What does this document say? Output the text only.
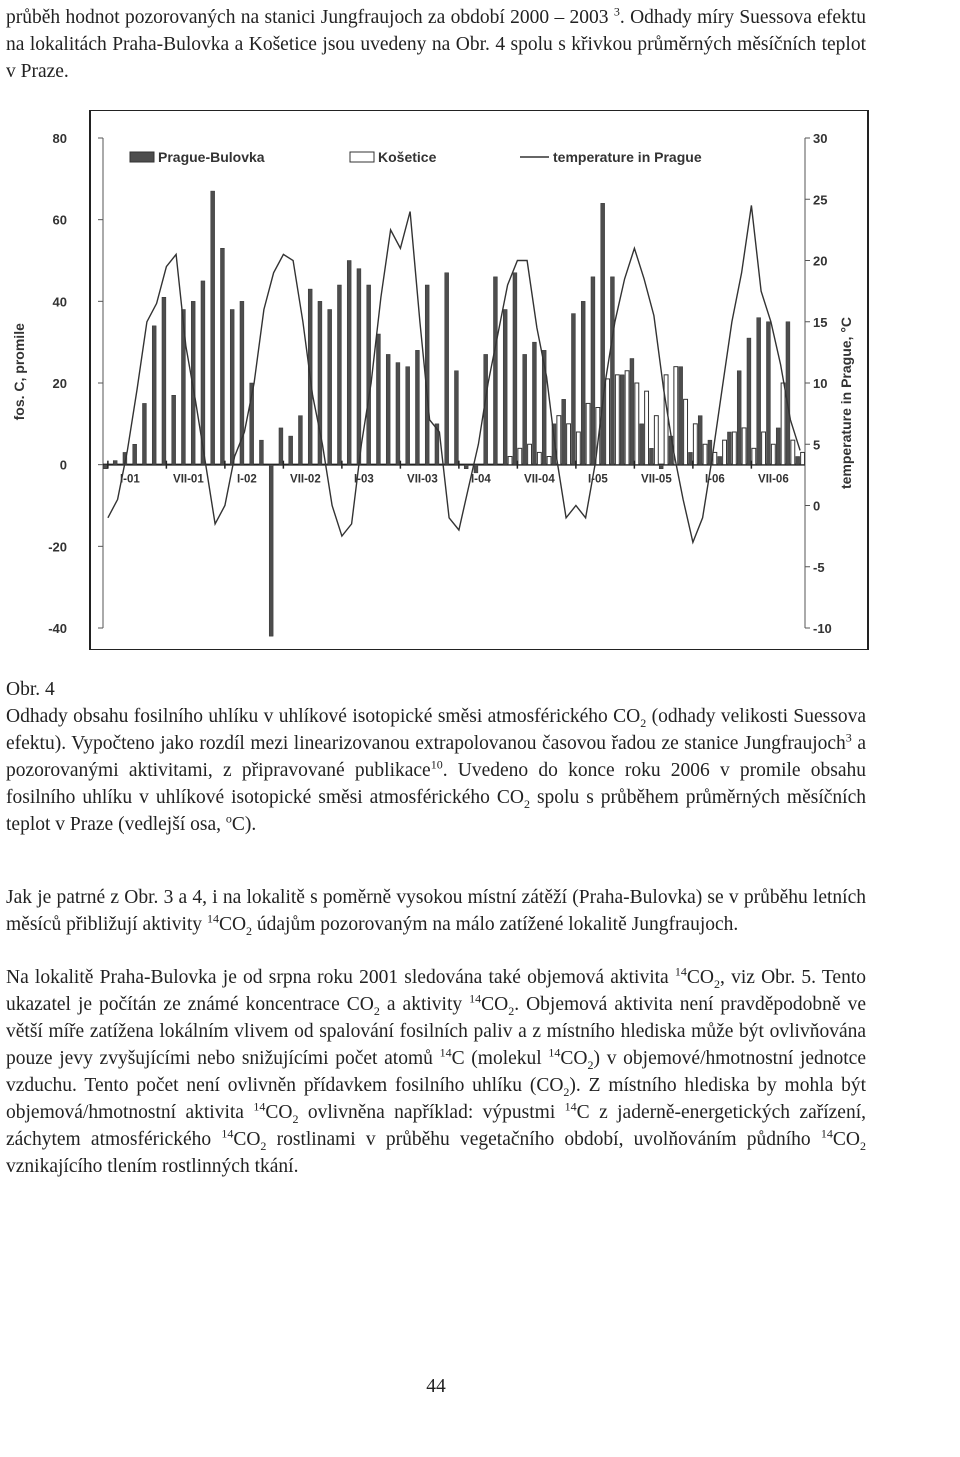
průběh hodnot pozorovaných na stanici Jungfraujoch za období 2000 – 2003 $^3$. Odhady míry Suessova efektu na lokalitách Praha-Bulovka a Košetice jsou uvedeny na Obr. 4 spolu s křivkou průměrných měsíčních teplot v Praze.
-40
-20
0
20
40
60
80
fos. C, promile
-10
-5
0
5
10
15
20
25
30
temperature in Prague, °C
I-01	VII-01	I-02	VII-02	I-03	VII-03	I-04	VII-04	I-05	VII-05	I-06	VII-06
Prague-Bulovka	Košetice	temperature in Prague
Obr. 4
Odhady obsahu fosilního uhlíku v uhlíkové isotopické směsi atmosférického $CO_2$ (odhady velikosti Suessova efektu). Vypočteno jako rozdíl mezi linearizovanou extrapolovanou časovou řadou ze stanice Jungfraujoch$^3$ a pozorovanými aktivitami, z připravované publikace$^{10}$. Uvedeno do konce roku 2006 v promile obsahu fosilního uhlíku v uhlíkové isotopické směsi atmosférického $CO_2$ spolu s průběhem průměrných měsíčních teplot v Praze (vedlejší osa, $^o$C).
Jak je patrné z Obr. 3 a 4, i na lokalitě s poměrně vysokou místní zátěží (Praha-Bulovka) se v průběhu letních měsíců přibližují aktivity $^{14}CO_2$ údajům pozorovaným na málo zatížené lokalitě Jungfraujoch.
Na lokalitě Praha-Bulovka je od srpna roku 2001 sledována také objemová aktivita $^{14}CO_2$, viz Obr. 5. Tento ukazatel je počítán ze známé koncentrace $CO_2$ a aktivity $^{14}CO_2$. Objemová aktivita není pravděpodobně ve větší míře zatížena lokálním vlivem od spalování fosilních paliv a z místního hlediska může být ovlivňována pouze jevy zvyšujícími nebo snižujícími počet atomů $^{14}$C (molekul $^{14}CO_2$) v objemové/hmotnostní jednotce vzduchu. Tento počet není ovlivněn přídavkem fosilního uhlíku $(CO_2)$. Z místního hlediska by mohla být objemová/hmotnostní aktivita $^{14}CO_2$ ovlivněna například: výpustmi $^{14}$C z jaderně-energetických zařízení, záchytem atmosférického $^{14}CO_2$ rostlinami v průběhu vegetačního období, uvolňováním půdního $^{14}CO_2$ vznikajícího tlením rostlinných tkání.
44
